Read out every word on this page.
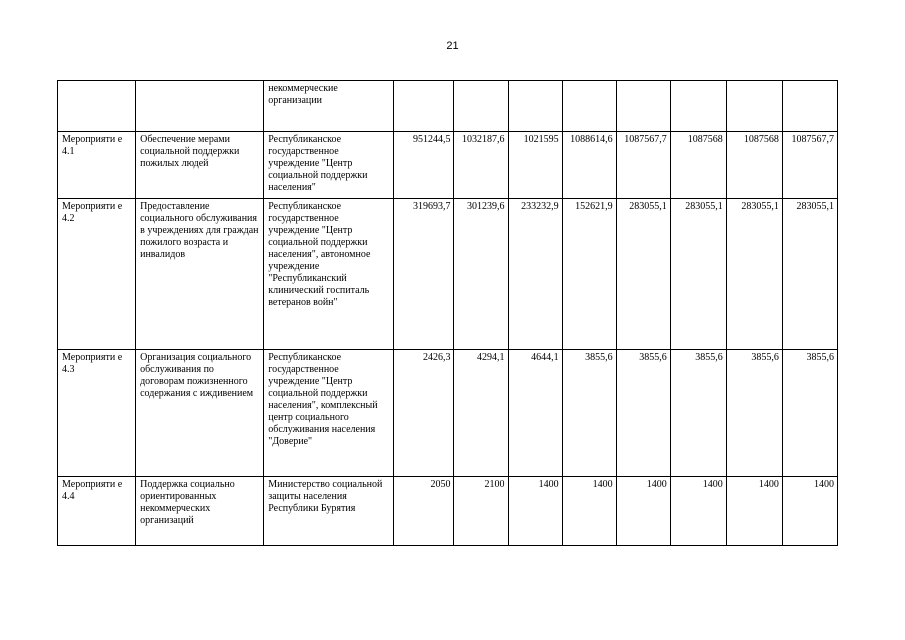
21
		некоммерческие организации								
Мероприяти е 4.1	Обеспечение мерами социальной поддержки пожилых людей	Республиканское государственное учреждение "Центр социальной поддержки населения"	951244,5	1032187,6	1021595	1088614,6	1087567,7	1087568	1087568	1087567,7
Мероприяти е 4.2	Предоставление социального обслуживания в учреждениях для граждан пожилого возраста и инвалидов	Республиканское государственное учреждение "Центр социальной поддержки населения", автономное учреждение "Республиканский клинический госпиталь ветеранов войн"	319693,7	301239,6	233232,9	152621,9	283055,1	283055,1	283055,1	283055,1
Мероприяти е 4.3	Организация социального обслуживания по договорам пожизненного содержания с иждивением	Республиканское государственное учреждение "Центр социальной поддержки населения", комплексный центр социального обслуживания населения "Доверие"	2426,3	4294,1	4644,1	3855,6	3855,6	3855,6	3855,6	3855,6
Мероприяти е 4.4	Поддержка социально ориентированных некоммерческих организаций	Министерство социальной защиты населения Республики Бурятия	2050	2100	1400	1400	1400	1400	1400	1400
